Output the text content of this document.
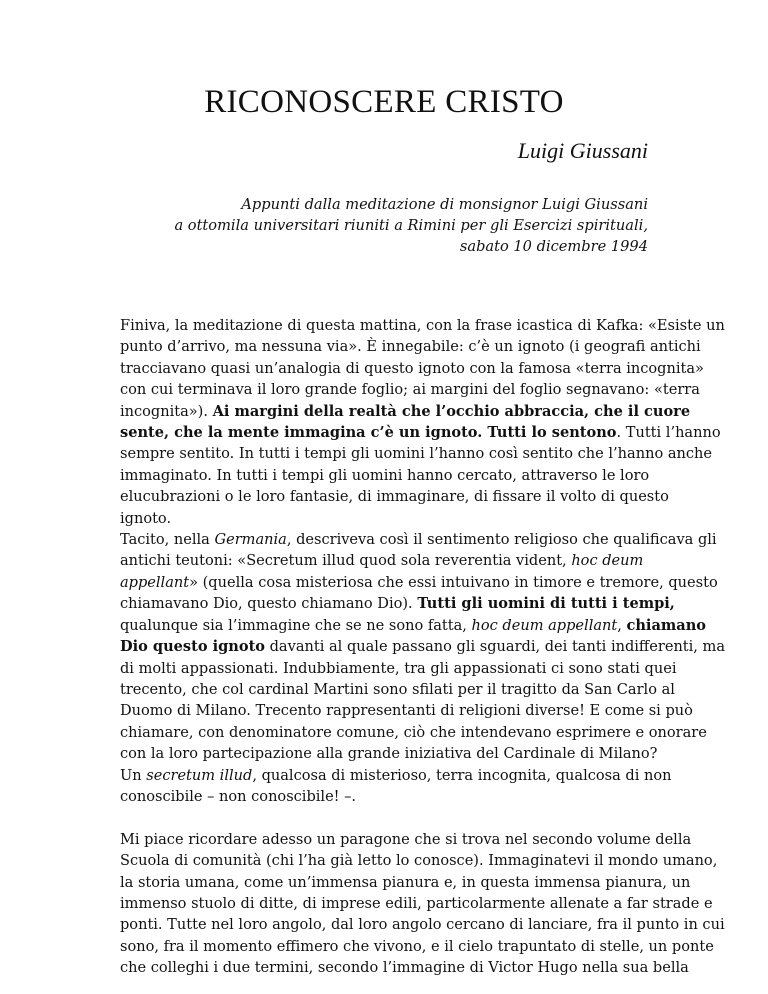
RICONOSCERE CRISTO

Luigi Giussani

Appunti dalla meditazione di monsignor Luigi Giussani
a ottomila universitari riuniti a Rimini per gli Esercizi spirituali,
sabato 10 dicembre 1994

Finiva, la meditazione di questa mattina, con la frase icastica di Kafka: «Esiste un
punto d’arrivo, ma nessuna via». È innegabile: c’è un ignoto (i geografi antichi
tracciavano quasi un’analogia di questo ignoto con la famosa «terra incognita»
con cui terminava il loro grande foglio; ai margini del foglio segnavano: «terra
incognita»). Ai margini della realtà che l’occhio abbraccia, che il cuore
sente, che la mente immagina c’è un ignoto. Tutti lo sentono. Tutti l’hanno
sempre sentito. In tutti i tempi gli uomini l’hanno così sentito che l’hanno anche
immaginato. In tutti i tempi gli uomini hanno cercato, attraverso le loro
elucubrazioni o le loro fantasie, di immaginare, di fissare il volto di questo
ignoto.
Tacito, nella Germania, descriveva così il sentimento religioso che qualificava gli
antichi teutoni: «Secretum illud quod sola reverentia vident, hoc deum
appellant» (quella cosa misteriosa che essi intuivano in timore e tremore, questo
chiamavano Dio, questo chiamano Dio). Tutti gli uomini di tutti i tempi,
qualunque sia l’immagine che se ne sono fatta, hoc deum appellant, chiamano
Dio questo ignoto davanti al quale passano gli sguardi, dei tanti indifferenti, ma
di molti appassionati. Indubbiamente, tra gli appassionati ci sono stati quei
trecento, che col cardinal Martini sono sfilati per il tragitto da San Carlo al
Duomo di Milano. Trecento rappresentanti di religioni diverse! E come si può
chiamare, con denominatore comune, ciò che intendevano esprimere e onorare
con la loro partecipazione alla grande iniziativa del Cardinale di Milano?
Un secretum illud, qualcosa di misterioso, terra incognita, qualcosa di non
conoscibile – non conoscibile! –.

Mi piace ricordare adesso un paragone che si trova nel secondo volume della
Scuola di comunità (chi l’ha già letto lo conosce). Immaginatevi il mondo umano,
la storia umana, come un’immensa pianura e, in questa immensa pianura, un
immenso stuolo di ditte, di imprese edili, particolarmente allenate a far strade e
ponti. Tutte nel loro angolo, dal loro angolo cercano di lanciare, fra il punto in cui
sono, fra il momento effimero che vivono, e il cielo trapuntato di stelle, un ponte
che colleghi i due termini, secondo l’immagine di Victor Hugo nella sua bella
